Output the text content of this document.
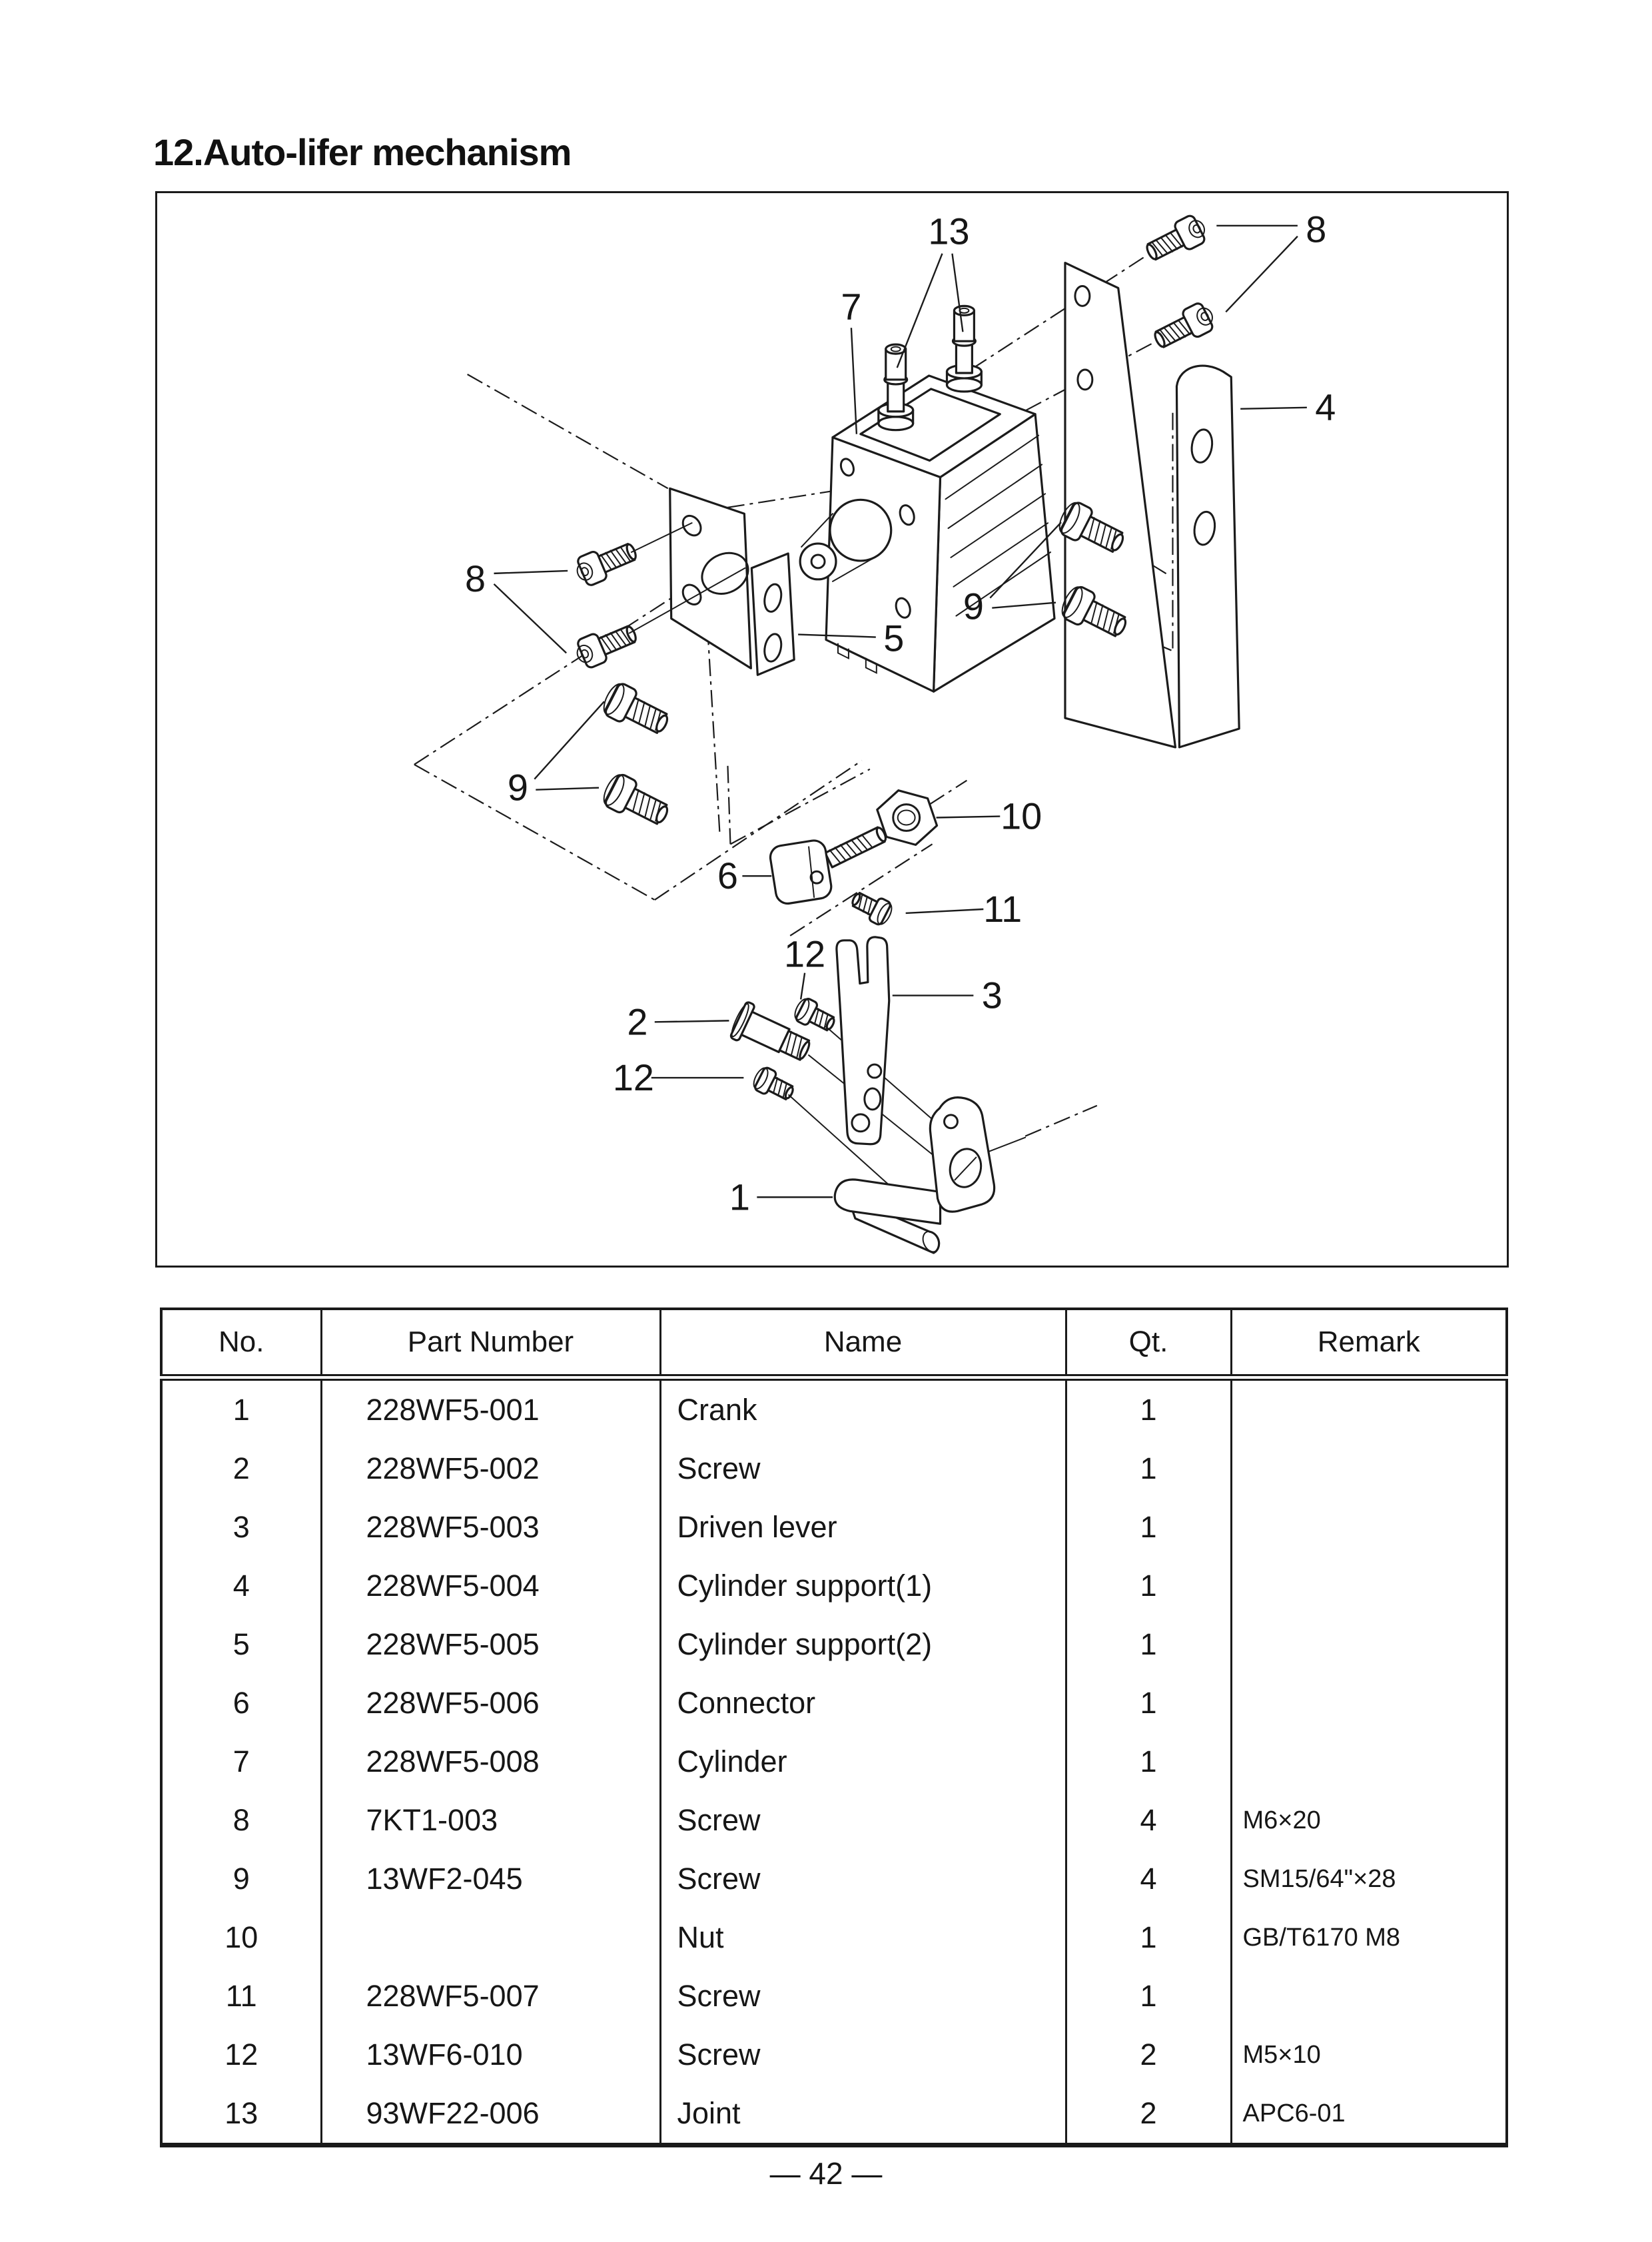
12.Auto-lifer mechanism
13	8
7
4
8
5
9
9
10
6
11
12
2
3
12
1
No.	Part Number	Name	Qt.	Remark
1	228WF5-001	Crank	1	
2	228WF5-002	Screw	1	
3	228WF5-003	Driven lever	1	
4	228WF5-004	Cylinder support(1)	1	
5	228WF5-005	Cylinder support(2)	1	
6	228WF5-006	Connector	1	
7	228WF5-008	Cylinder	1	
8	7KT1-003	Screw	4	M6×20
9	13WF2-045	Screw	4	SM15/64"×28
10		Nut	1	GB/T6170 M8
11	228WF5-007	Screw	1	
12	13WF6-010	Screw	2	M5×10
13	93WF22-006	Joint	2	APC6-01
— 42 —
